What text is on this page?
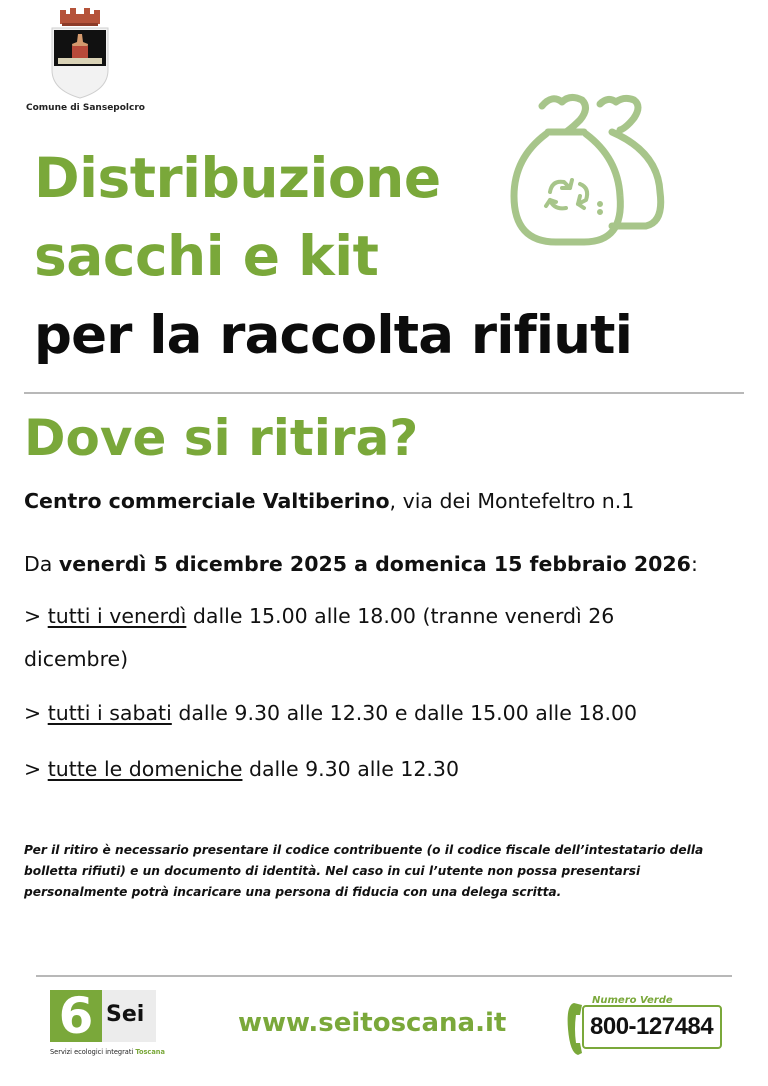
Comune di Sansepolcro
Distribuzione
sacchi e kit
per la raccolta rifiuti
Dove si ritira?
Centro commerciale Valtiberino, via dei Montefeltro n.1
Da venerdì 5 dicembre 2025 a domenica 15 febbraio 2026:
> tutti i venerdì dalle 15.00 alle 18.00 (tranne venerdì 26
dicembre)
> tutti i sabati dalle 9.30 alle 12.30 e dalle 15.00 alle 18.00
> tutte le domeniche dalle 9.30 alle 12.30
Per il ritiro è necessario presentare il codice contribuente (o il codice fiscale dell’intestatario della bolletta rifiuti) e un documento di identità. Nel caso in cui l’utente non possa presentarsi personalmente potrà incaricare una persona di fiducia con una delega scritta.
6 Sei
Servizi ecologici integrati Toscana
www.seitoscana.it
Numero Verde
800-127484
